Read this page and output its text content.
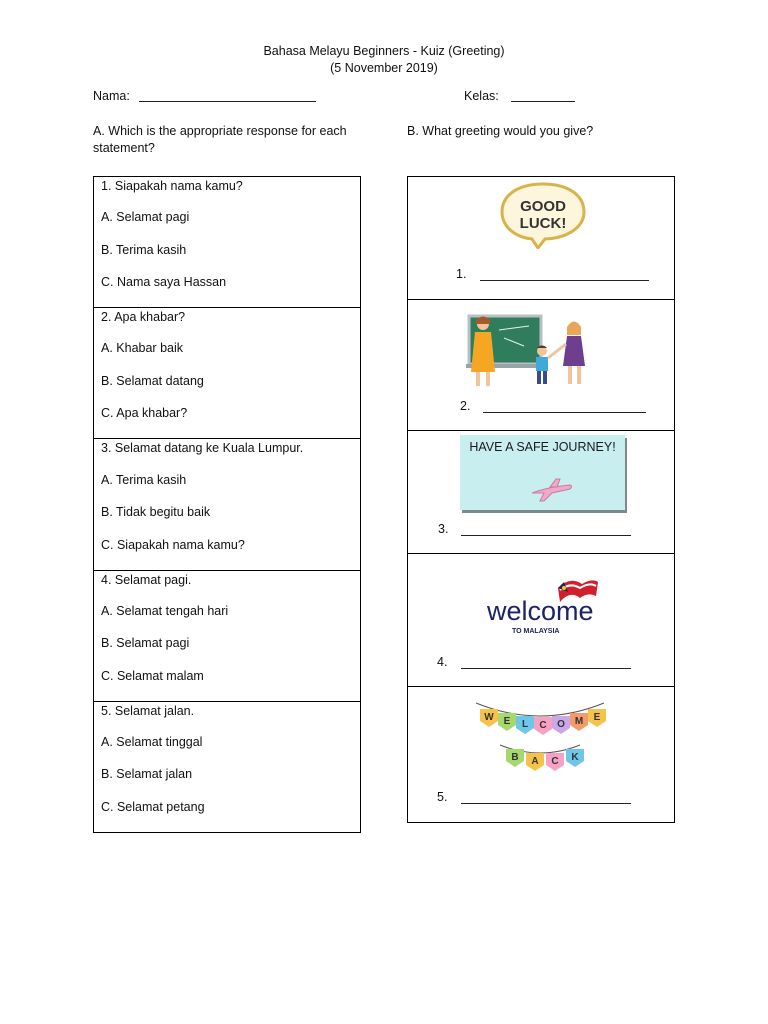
Bahasa Melayu Beginners - Kuiz (Greeting)
(5 November 2019)
Nama:	Kelas:
A. Which is the appropriate response for each
statement?
B. What greeting would you give?
1. Siapakah nama kamu?
A. Selamat pagi
B. Terima kasih
C. Nama saya Hassan
2. Apa khabar?
A. Khabar baik
B. Selamat datang
C. Apa khabar?
3. Selamat datang ke Kuala Lumpur.
A. Terima kasih
B. Tidak begitu baik
C. Siapakah nama kamu?
4. Selamat pagi.
A. Selamat tengah hari
B. Selamat pagi
C. Selamat malam
5. Selamat jalan.
A. Selamat tinggal
B. Selamat jalan
C. Selamat petang
GOOD
LUCK!
1.
2.
HAVE A SAFE JOURNEY!
3.
welcome
TO MALAYSIA
4.
W E L C O M E
B A C K
5.
